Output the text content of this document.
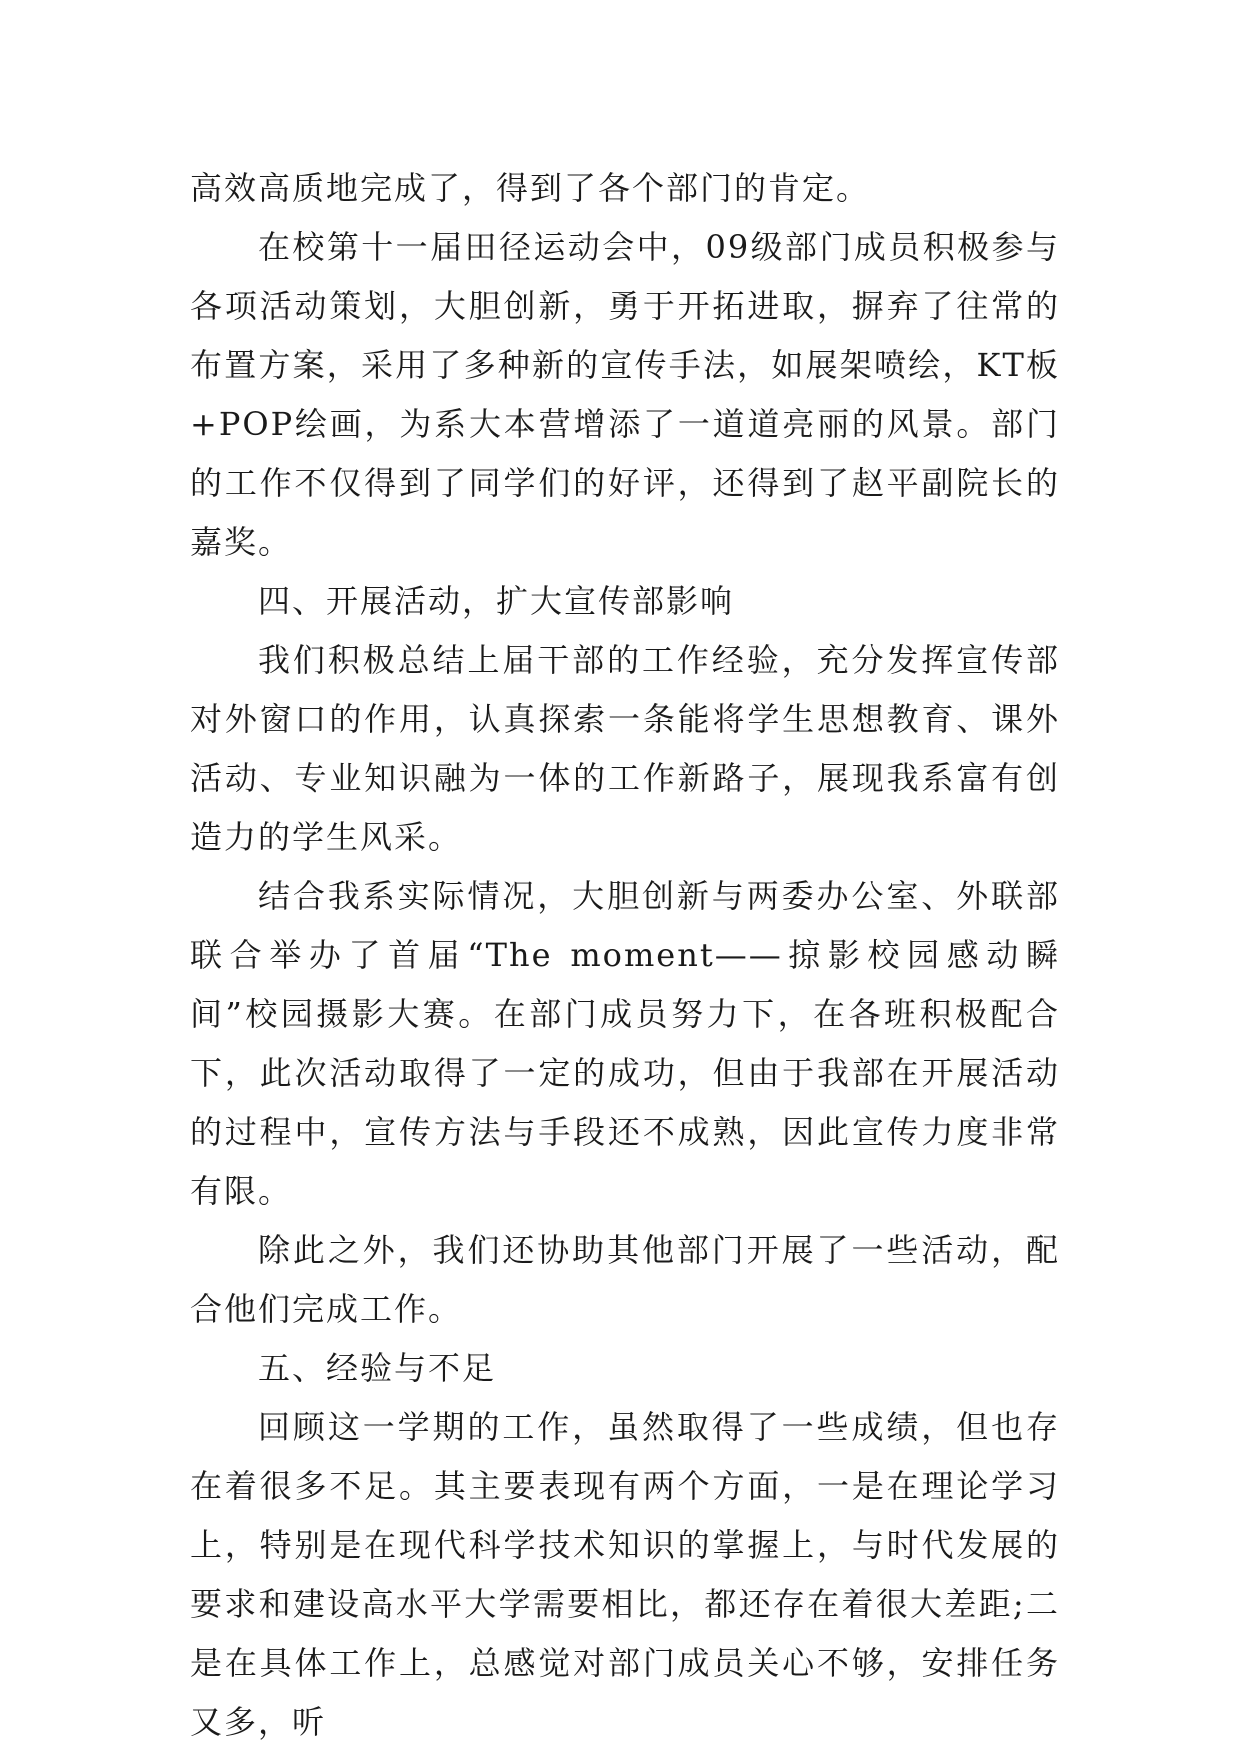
高效高质地完成了，得到了各个部门的肯定。

在校第十一届田径运动会中，09级部门成员积极参与各项活动策划，大胆创新，勇于开拓进取，摒弃了往常的布置方案，采用了多种新的宣传手法，如展架喷绘，KT板+POP绘画，为系大本营增添了一道道亮丽的风景。部门的工作不仅得到了同学们的好评，还得到了赵平副院长的嘉奖。

四、开展活动，扩大宣传部影响

我们积极总结上届干部的工作经验，充分发挥宣传部对外窗口的作用，认真探索一条能将学生思想教育、课外活动、专业知识融为一体的工作新路子，展现我系富有创造力的学生风采。

结合我系实际情况，大胆创新与两委办公室、外联部联合举办了首届“The moment——掠影校园感动瞬间”校园摄影大赛。在部门成员努力下，在各班积极配合下，此次活动取得了一定的成功，但由于我部在开展活动的过程中，宣传方法与手段还不成熟，因此宣传力度非常有限。

除此之外，我们还协助其他部门开展了一些活动，配合他们完成工作。

五、经验与不足

回顾这一学期的工作，虽然取得了一些成绩，但也存在着很多不足。其主要表现有两个方面，一是在理论学习上，特别是在现代科学技术知识的掌握上，与时代发展的要求和建设高水平大学需要相比，都还存在着很大差距;二是在具体工作上，总感觉对部门成员关心不够，安排任务又多，听
